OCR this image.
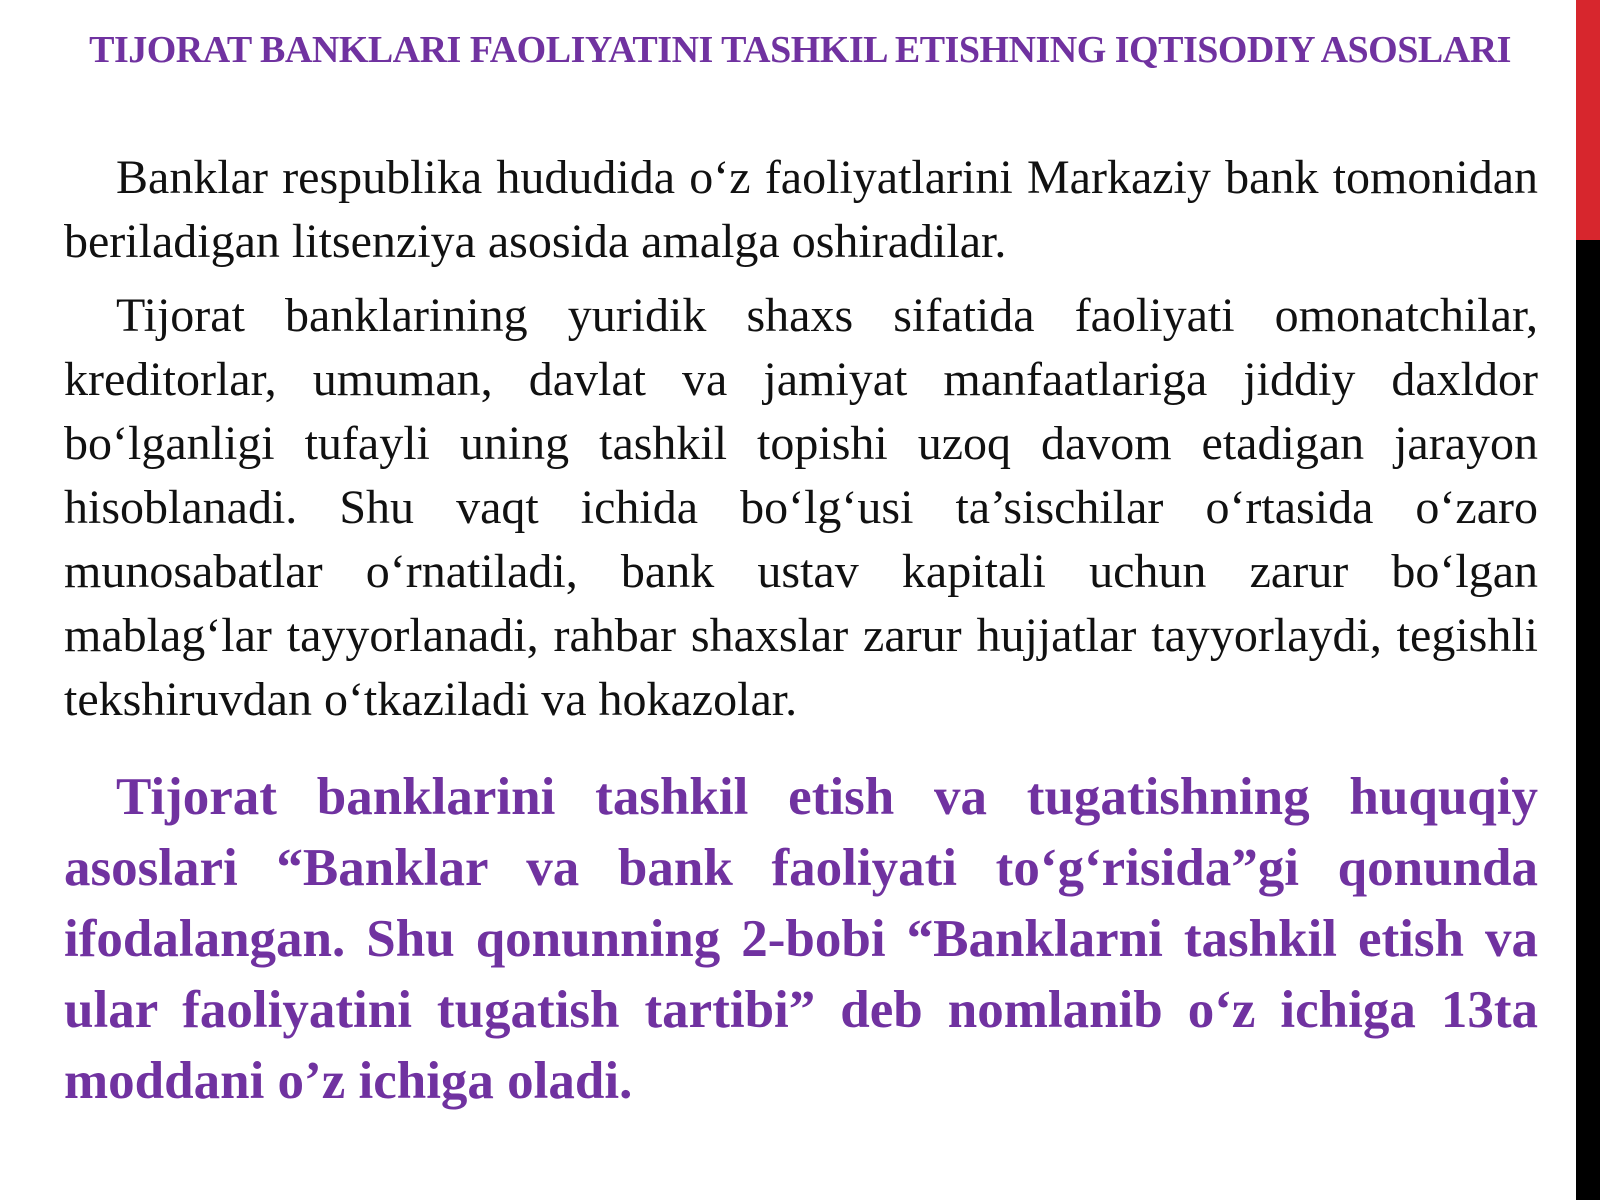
TIJORAT BANKLARI FAOLIYATINI TASHKIL ETISHNING IQTISODIY ASOSLARI

Banklar respublika hududida o‘z faoliyatlarini Markaziy bank tomonidan beriladigan litsenziya asosida amalga oshiradilar.

Tijorat banklarining yuridik shaxs sifatida faoliyati omonatchilar, kreditorlar, umuman, davlat va jamiyat manfaatlariga jiddiy daxldor bo‘lganligi tufayli uning tashkil topishi uzoq davom etadigan jarayon hisoblanadi. Shu vaqt ichida bo‘lg‘usi ta’sischilar o‘rtasida o‘zaro munosabatlar o‘rnatiladi, bank ustav kapitali uchun zarur bo‘lgan mablag‘lar tayyorlanadi, rahbar shaxslar zarur hujjatlar tayyorlaydi, tegishli tekshiruvdan o‘tkaziladi va hokazolar.

Tijorat banklarini tashkil etish va tugatishning huquqiy asoslari “Banklar va bank faoliyati to‘g‘risida”gi qonunda ifodalangan. Shu qonunning 2-bobi “Banklarni tashkil etish va ular faoliyatini tugatish tartibi” deb nomlanib o‘z ichiga 13ta moddani o’z ichiga oladi.
